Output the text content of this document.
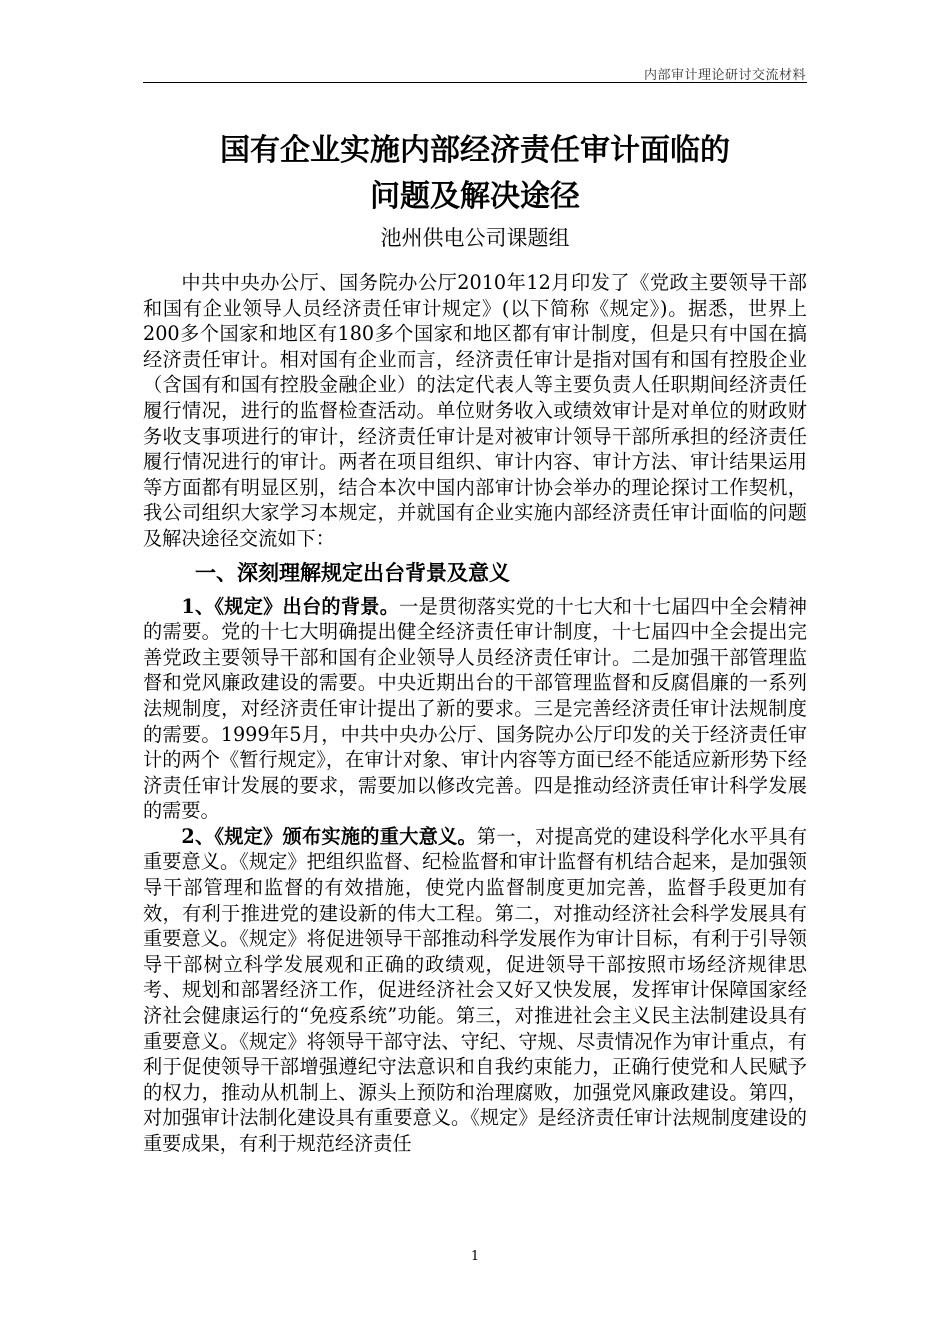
内部审计理论研讨交流材料
国有企业实施内部经济责任审计面临的
问题及解决途径
池州供电公司课题组

中共中央办公厅、国务院办公厅2010年12月印发了《党政主要领导干部和国有企业领导人员经济责任审计规定》(以下简称《规定》)。据悉，世界上200多个国家和地区有180多个国家和地区都有审计制度，但是只有中国在搞经济责任审计。相对国有企业而言，经济责任审计是指对国有和国有控股企业（含国有和国有控股金融企业）的法定代表人等主要负责人任职期间经济责任履行情况，进行的监督检查活动。单位财务收入或绩效审计是对单位的财政财务收支事项进行的审计，经济责任审计是对被审计领导干部所承担的经济责任履行情况进行的审计。两者在项目组织、审计内容、审计方法、审计结果运用等方面都有明显区别，结合本次中国内部审计协会举办的理论探讨工作契机，我公司组织大家学习本规定，并就国有企业实施内部经济责任审计面临的问题及解决途径交流如下：

一、深刻理解规定出台背景及意义

1、《规定》出台的背景。一是贯彻落实党的十七大和十七届四中全会精神的需要。党的十七大明确提出健全经济责任审计制度，十七届四中全会提出完善党政主要领导干部和国有企业领导人员经济责任审计。二是加强干部管理监督和党风廉政建设的需要。中央近期出台的干部管理监督和反腐倡廉的一系列法规制度，对经济责任审计提出了新的要求。三是完善经济责任审计法规制度的需要。1999年5月，中共中央办公厅、国务院办公厅印发的关于经济责任审计的两个《暂行规定》，在审计对象、审计内容等方面已经不能适应新形势下经济责任审计发展的要求，需要加以修改完善。四是推动经济责任审计科学发展的需要。

2、《规定》颁布实施的重大意义。第一，对提高党的建设科学化水平具有重要意义。《规定》把组织监督、纪检监督和审计监督有机结合起来，是加强领导干部管理和监督的有效措施，使党内监督制度更加完善，监督手段更加有效，有利于推进党的建设新的伟大工程。第二，对推动经济社会科学发展具有重要意义。《规定》将促进领导干部推动科学发展作为审计目标，有利于引导领导干部树立科学发展观和正确的政绩观，促进领导干部按照市场经济规律思考、规划和部署经济工作，促进经济社会又好又快发展，发挥审计保障国家经济社会健康运行的“免疫系统”功能。第三，对推进社会主义民主法制建设具有重要意义。《规定》将领导干部守法、守纪、守规、尽责情况作为审计重点，有利于促使领导干部增强遵纪守法意识和自我约束能力，正确行使党和人民赋予的权力，推动从机制上、源头上预防和治理腐败，加强党风廉政建设。第四，对加强审计法制化建设具有重要意义。《规定》是经济责任审计法规制度建设的重要成果，有利于规范经济责任

1
